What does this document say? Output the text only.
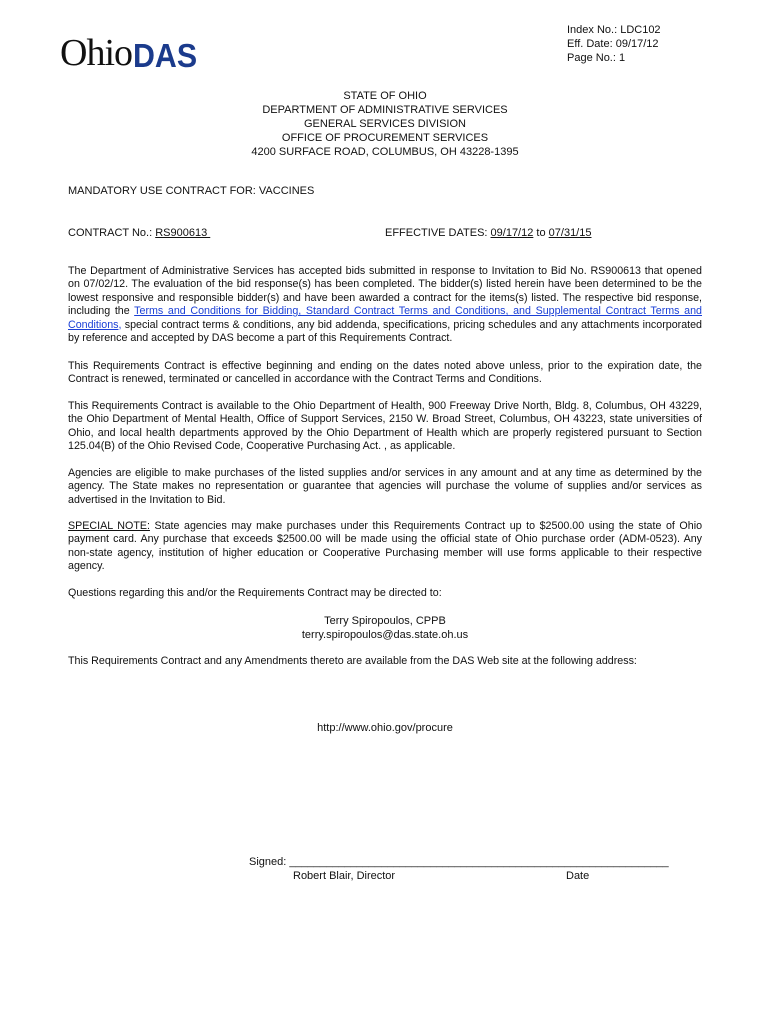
Ohio DAS
Index No.: LDC102
Eff. Date: 09/17/12
Page No.: 1
STATE OF OHIO
DEPARTMENT OF ADMINISTRATIVE SERVICES
GENERAL SERVICES DIVISION
OFFICE OF PROCUREMENT SERVICES
4200 SURFACE ROAD, COLUMBUS, OH 43228-1395
MANDATORY USE CONTRACT FOR: VACCINES
CONTRACT No.: RS900613	EFFECTIVE DATES: 09/17/12 to 07/31/15
The Department of Administrative Services has accepted bids submitted in response to Invitation to Bid No. RS900613 that opened on 07/02/12. The evaluation of the bid response(s) has been completed. The bidder(s) listed herein have been determined to be the lowest responsive and responsible bidder(s) and have been awarded a contract for the items(s) listed. The respective bid response, including the Terms and Conditions for Bidding, Standard Contract Terms and Conditions, and Supplemental Contract Terms and Conditions, special contract terms & conditions, any bid addenda, specifications, pricing schedules and any attachments incorporated by reference and accepted by DAS become a part of this Requirements Contract.
This Requirements Contract is effective beginning and ending on the dates noted above unless, prior to the expiration date, the Contract is renewed, terminated or cancelled in accordance with the Contract Terms and Conditions.
This Requirements Contract is available to the Ohio Department of Health, 900 Freeway Drive North, Bldg. 8, Columbus, OH 43229, the Ohio Department of Mental Health, Office of Support Services, 2150 W. Broad Street, Columbus, OH 43223, state universities of Ohio, and local health departments approved by the Ohio Department of Health which are properly registered pursuant to Section 125.04(B) of the Ohio Revised Code, Cooperative Purchasing Act. , as applicable.
Agencies are eligible to make purchases of the listed supplies and/or services in any amount and at any time as determined by the agency. The State makes no representation or guarantee that agencies will purchase the volume of supplies and/or services as advertised in the Invitation to Bid.
SPECIAL NOTE: State agencies may make purchases under this Requirements Contract up to $2500.00 using the state of Ohio payment card. Any purchase that exceeds $2500.00 will be made using the official state of Ohio purchase order (ADM-0523). Any non-state agency, institution of higher education or Cooperative Purchasing member will use forms applicable to their respective agency.
Questions regarding this and/or the Requirements Contract may be directed to:
Terry Spiropoulos, CPPB
terry.spiropoulos@das.state.oh.us
This Requirements Contract and any Amendments thereto are available from the DAS Web site at the following address:
http://www.ohio.gov/procure
Signed: ______________________________________________________________
Robert Blair, Director	Date
